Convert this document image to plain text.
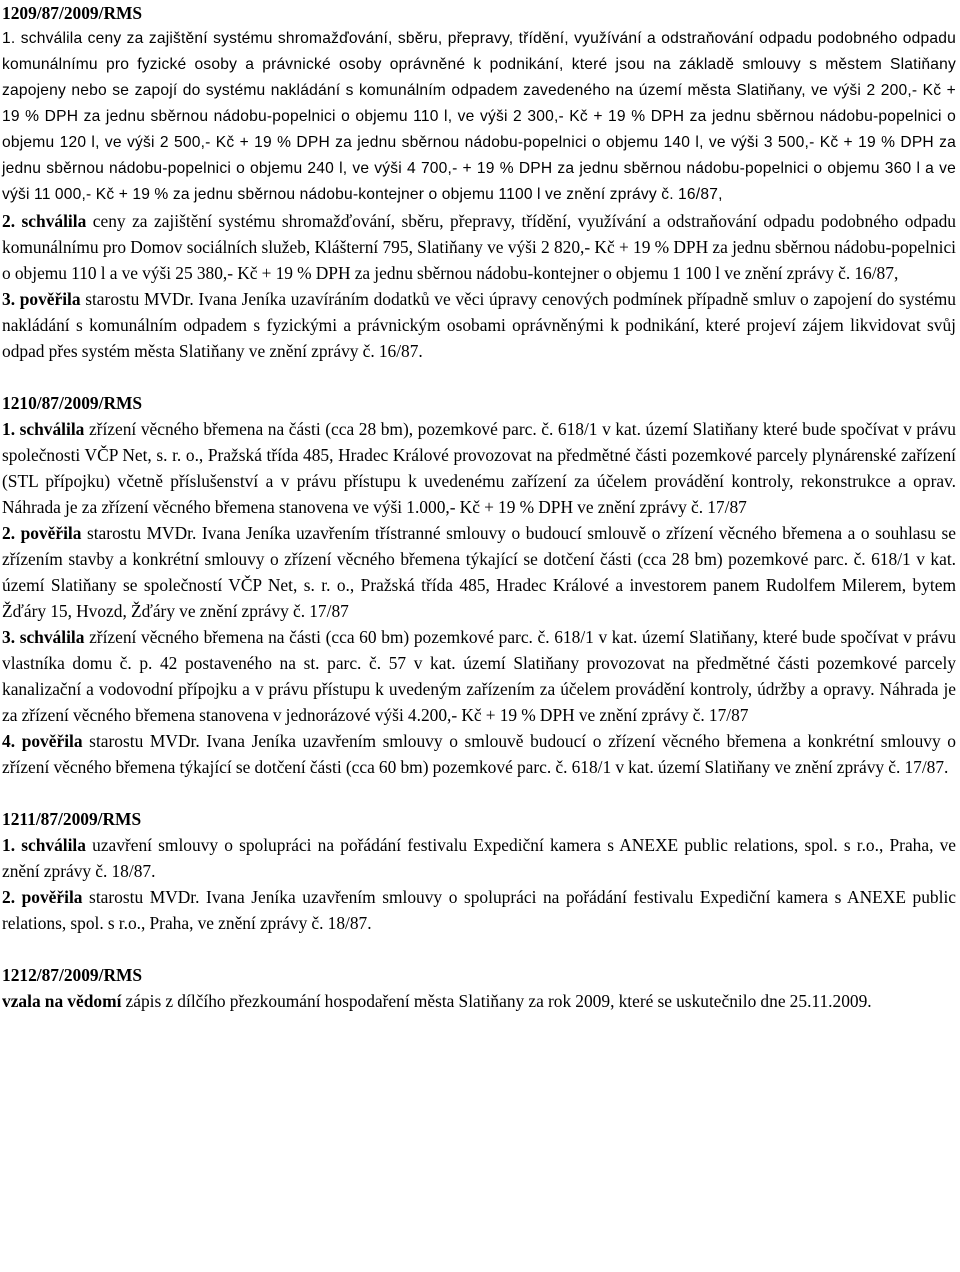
1209/87/2009/RMS

1. schválila ceny za zajištění systému shromažďování, sběru, přepravy, třídění, využívání a odstraňování odpadu podobného odpadu komunálnímu pro fyzické osoby a právnické osoby oprávněné k podnikání, které jsou na základě smlouvy s městem Slatiňany zapojeny nebo se zapojí do systému nakládání s komunálním odpadem zavedeného na území města Slatiňany, ve výši 2 200,- Kč + 19 % DPH za jednu sběrnou nádobu-popelnici o objemu 110 l, ve výši 2 300,- Kč + 19 % DPH za jednu sběrnou nádobu-popelnici o objemu 120 l, ve výši 2 500,- Kč + 19 % DPH za jednu sběrnou nádobu-popelnici o objemu 140 l, ve výši 3 500,- Kč + 19 % DPH za jednu sběrnou nádobu-popelnici o objemu 240 l, ve výši 4 700,- + 19 % DPH za jednu sběrnou nádobu-popelnici o objemu 360 l a ve výši 11 000,- Kč + 19 % za jednu sběrnou nádobu-kontejner o objemu 1100 l ve znění zprávy č. 16/87,

2. schválila ceny za zajištění systému shromažďování, sběru, přepravy, třídění, využívání a odstraňování odpadu podobného odpadu komunálnímu pro Domov sociálních služeb, Klášterní 795, Slatiňany ve výši 2 820,- Kč + 19 % DPH za jednu sběrnou nádobu-popelnici o objemu 110 l a ve výši 25 380,- Kč + 19 % DPH za jednu sběrnou nádobu-kontejner o objemu 1 100 l ve znění zprávy č. 16/87,

3. pověřila starostu MVDr. Ivana Jeníka uzavíráním dodatků ve věci úpravy cenových podmínek případně smluv o zapojení do systému nakládání s komunálním odpadem s fyzickými a právnickým osobami oprávněnými k podnikání, které projeví zájem likvidovat svůj odpad přes systém města Slatiňany ve znění zprávy č. 16/87.

1210/87/2009/RMS

1. schválila zřízení věcného břemena na části (cca 28 bm), pozemkové parc. č. 618/1 v kat. území Slatiňany které bude spočívat v právu společnosti VČP Net, s. r. o., Pražská třída 485, Hradec Králové provozovat na předmětné části pozemkové parcely plynárenské zařízení (STL přípojku) včetně příslušenství a v právu přístupu k uvedenému zařízení za účelem provádění kontroly, rekonstrukce a oprav. Náhrada je za zřízení věcného břemena stanovena ve výši 1.000,- Kč + 19 % DPH ve znění zprávy č. 17/87

2. pověřila starostu MVDr. Ivana Jeníka uzavřením třístranné smlouvy o budoucí smlouvě o zřízení věcného břemena a o souhlasu se zřízením stavby a konkrétní smlouvy o zřízení věcného břemena týkající se dotčení části (cca 28 bm) pozemkové parc. č. 618/1 v kat. území Slatiňany se společností VČP Net, s. r. o., Pražská třída 485, Hradec Králové a investorem panem Rudolfem Milerem, bytem Žďáry 15, Hvozd, Žďáry ve znění zprávy č. 17/87

3. schválila zřízení věcného břemena na části (cca 60 bm) pozemkové parc. č. 618/1 v kat. území Slatiňany, které bude spočívat v právu vlastníka domu č. p. 42 postaveného na st. parc. č. 57 v kat. území Slatiňany provozovat na předmětné části pozemkové parcely kanalizační a vodovodní přípojku a v právu přístupu k uvedeným zařízením za účelem provádění kontroly, údržby a opravy. Náhrada je za zřízení věcného břemena stanovena v jednorázové výši 4.200,- Kč + 19 % DPH ve znění zprávy č. 17/87

4. pověřila starostu MVDr. Ivana Jeníka uzavřením smlouvy o smlouvě budoucí o zřízení věcného břemena a konkrétní smlouvy o zřízení věcného břemena týkající se dotčení části (cca 60 bm) pozemkové parc. č. 618/1 v kat. území Slatiňany ve znění zprávy č. 17/87.

1211/87/2009/RMS

1. schválila uzavření smlouvy o spolupráci na pořádání festivalu Expediční kamera s ANEXE public relations, spol. s r.o., Praha, ve znění zprávy č. 18/87.

2. pověřila starostu MVDr. Ivana Jeníka uzavřením smlouvy o spolupráci na pořádání festivalu Expediční kamera s ANEXE public relations, spol. s r.o., Praha, ve znění zprávy č. 18/87.

1212/87/2009/RMS

vzala na vědomí zápis z dílčího přezkoumání hospodaření města Slatiňany za rok 2009, které se uskutečnilo dne 25.11.2009.
